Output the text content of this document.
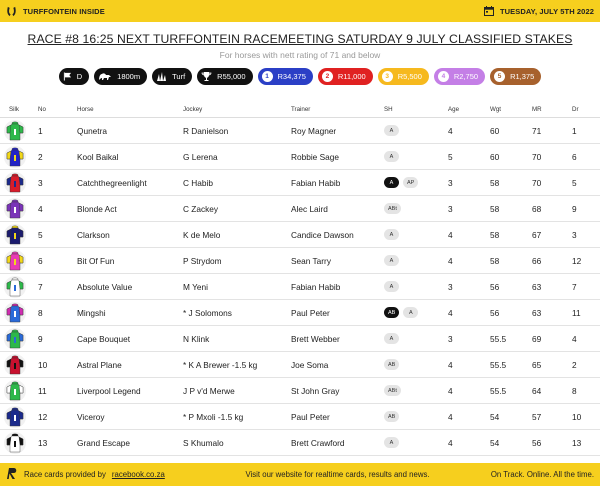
TURFFONTEIN INSIDE	TUESDAY, JULY 5TH 2022
RACE #8 16:25 NEXT TURFFONTEIN RACEMEETING SATURDAY 9 JULY CLASSIFIED STAKES
For horses with nett rating of 71 and below
D	1800m	Turf	R55,000	1	R34,375	2	R11,000	3	R5,500	4	R2,750	5	R1,375
Silk	No	Horse	Jockey	Trainer	SH	Age	Wgt	MR	Dr
1	Qunetra	R Danielson	Roy Magner	A	4	60	71	1
2	Kool Baikal	G Lerena	Robbie Sage	A	5	60	70	6
3	Catchthegreenlight	C Habib	Fabian Habib	A	AP	3	58	70	5
4	Blonde Act	C Zackey	Alec Laird	ABt	3	58	68	9
5	Clarkson	K de Melo	Candice Dawson	A	4	58	67	3
6	Bit Of Fun	P Strydom	Sean Tarry	A	4	58	66	12
7	Absolute Value	M Yeni	Fabian Habib	A	3	56	63	7
8	Mingshi	* J Solomons	Paul Peter	AB	A	4	56	63	11
9	Cape Bouquet	N Klink	Brett Webber	A	3	55.5	69	4
10	Astral Plane	* K A Brewer -1.5 kg	Joe Soma	AB	4	55.5	65	2
11	Liverpool Legend	J P v'd Merwe	St John Gray	ABt	4	55.5	64	8
12	Viceroy	* P Mxoli -1.5 kg	Paul Peter	AB	4	54	57	10
13	Grand Escape	S Khumalo	Brett Crawford	A	4	54	56	13
Race cards provided by racebook.co.za	Visit our website for realtime cards, results and news.	On Track. Online. All the time.
